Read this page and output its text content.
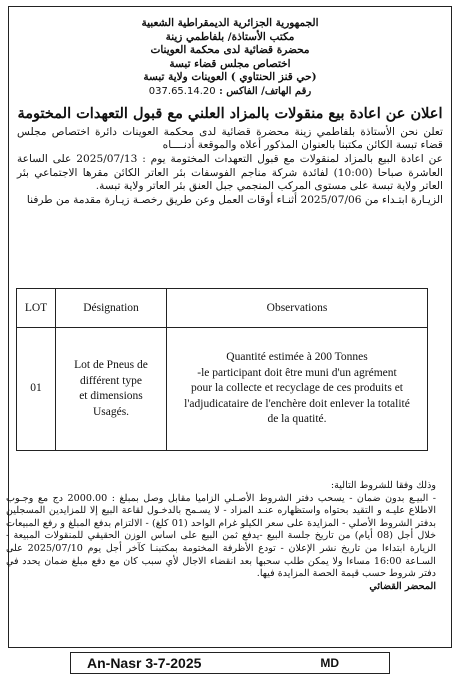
الجمهورية الجزائرية الديمقراطية الشعبية
مكتب الأستاذة/ بلفاطمي زينة
محضرة قضائية لدى محكمة العوينات
اختصاص مجلس قضاء تبسة
(حي قنز الحنتاوي ) العوينات ولاية تبسة
رقم الهاتف/ الفاكس : 037.65.14.20
اعلان عن اعادة بيع منقولات بالمزاد العلني مع قبول التعهدات المختومة

تعلن نحن الأستاذة بلفاطمي زينة محضرة قضائية لدى محكمة العوينات دائرة اختصاص مجلس قضاء تبسة الكائن مكتبنا بالعنوان المذكور أعلاه والموقعة أدنــــاه

عن اعادة البيع بالمزاد لمنقولات مع قبول التعهدات المختومة يوم : 2025/07/13 على الساعة العاشرة صباحا (10:00) لفائدة شركة مناجم الفوسفات بئر العاتر الكائن مقرها الاجتماعي بئر العاتر ولاية تبسة على مستوى المركب المنجمي جبل العنق بئر العاتر ولاية تبسة.

الزيـارة ابتـداء من 2025/07/06 أثنـاء أوقات العمل وعن طريق رخصـة زيـارة مقدمة من طرفنا

LOT	Désignation	Observations
01	Lot de Pneus de
différent type
et dimensions
Usagés.	Quantité estimée à 200 Tonnes
-le participant doit être muni d'un agrément
pour la collecte et recyclage de ces produits et
l'adjudicataire de l'enchère doit enlever la totalité
de la quatité.

وذلك وفقا للشروط التالية:

- البيـع بدون ضمان - يسحب دفتر الشروط الأصـلي الزاميا مقابل وصل بمبلغ : 2000.00 دج مع وجـوب الاطلاع عليـه و التقيد بحتواه واستظهاره عنـد المزاد - لا يسـمح بالدخـول لقاعة البيع إلا للمزايدين المسجلين بدفتر الشروط الأصلي - المزايدة على سعر الكيلو غرام الواحد (01 كلغ) - الالتزام بدفع المبلغ و رفع المبيعات خلال أجل (08 أيام) من تاريخ جلسة البيع -يدفع ثمن البيع على اساس الوزن الحقيقي للمنقولات المبيعة - الزيارة ابتداءا من تاريخ نشر الإعلان - تودع الأظرفة المختومة بمكتبنـا كآخر أجل يوم 2025/07/10 على السـاعة 16:00 مساءا ولا يمكن طلب سحبها بعد انقضاء الاجال لأي سبب كان مع دفع مبلغ ضمان يحدد في دفتر شروط حسب قيمة الحصة المزايدة فيها.

المحضر القضائي

An-Nasr 3-7-2025	MD
